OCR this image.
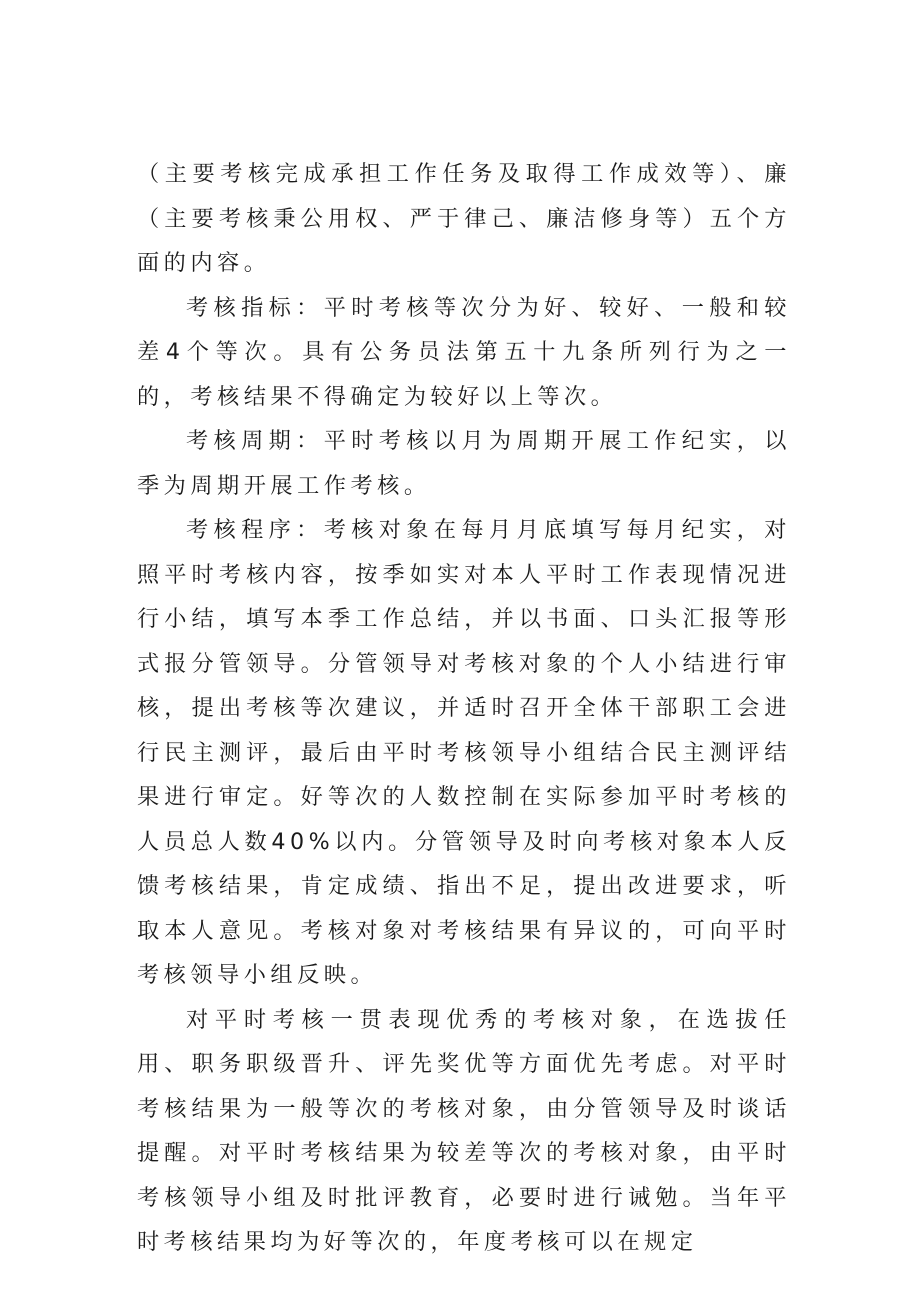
（主要考核完成承担工作任务及取得工作成效等）、廉（主要考核秉公用权、严于律己、廉洁修身等）五个方面的内容。

考核指标：平时考核等次分为好、较好、一般和较差4个等次。具有公务员法第五十九条所列行为之一的，考核结果不得确定为较好以上等次。

考核周期：平时考核以月为周期开展工作纪实，以季为周期开展工作考核。

考核程序：考核对象在每月月底填写每月纪实，对照平时考核内容，按季如实对本人平时工作表现情况进行小结，填写本季工作总结，并以书面、口头汇报等形式报分管领导。分管领导对考核对象的个人小结进行审核，提出考核等次建议，并适时召开全体干部职工会进行民主测评，最后由平时考核领导小组结合民主测评结果进行审定。好等次的人数控制在实际参加平时考核的人员总人数40%以内。分管领导及时向考核对象本人反馈考核结果，肯定成绩、指出不足，提出改进要求，听取本人意见。考核对象对考核结果有异议的，可向平时考核领导小组反映。

对平时考核一贯表现优秀的考核对象，在选拔任用、职务职级晋升、评先奖优等方面优先考虑。对平时考核结果为一般等次的考核对象，由分管领导及时谈话提醒。对平时考核结果为较差等次的考核对象，由平时考核领导小组及时批评教育，必要时进行诫勉。当年平时考核结果均为好等次的，年度考核可以在规定
